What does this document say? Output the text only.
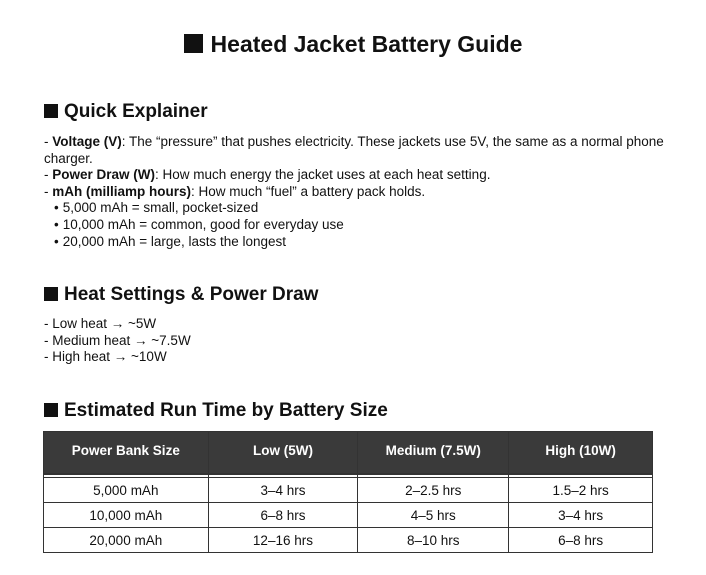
Heated Jacket Battery Guide
Quick Explainer

- Voltage (V): The “pressure” that pushes electricity. These jackets use 5V, the same as a normal phone charger.

- Power Draw (W): How much energy the jacket uses at each heat setting.

- mAh (milliamp hours): How much “fuel” a battery pack holds.

• 5,000 mAh = small, pocket-sized

• 10,000 mAh = common, good for everyday use

• 20,000 mAh = large, lasts the longest

Heat Settings & Power Draw

- Low heat → ~5W

- Medium heat → ~7.5W

- High heat → ~10W

Estimated Run Time by Battery Size
Power Bank Size	Low (5W)	Medium (7.5W)	High (10W)

5,000 mAh	3–4 hrs	2–2.5 hrs	1.5–2 hrs
10,000 mAh	6–8 hrs	4–5 hrs	3–4 hrs
20,000 mAh	12–16 hrs	8–10 hrs	6–8 hrs
